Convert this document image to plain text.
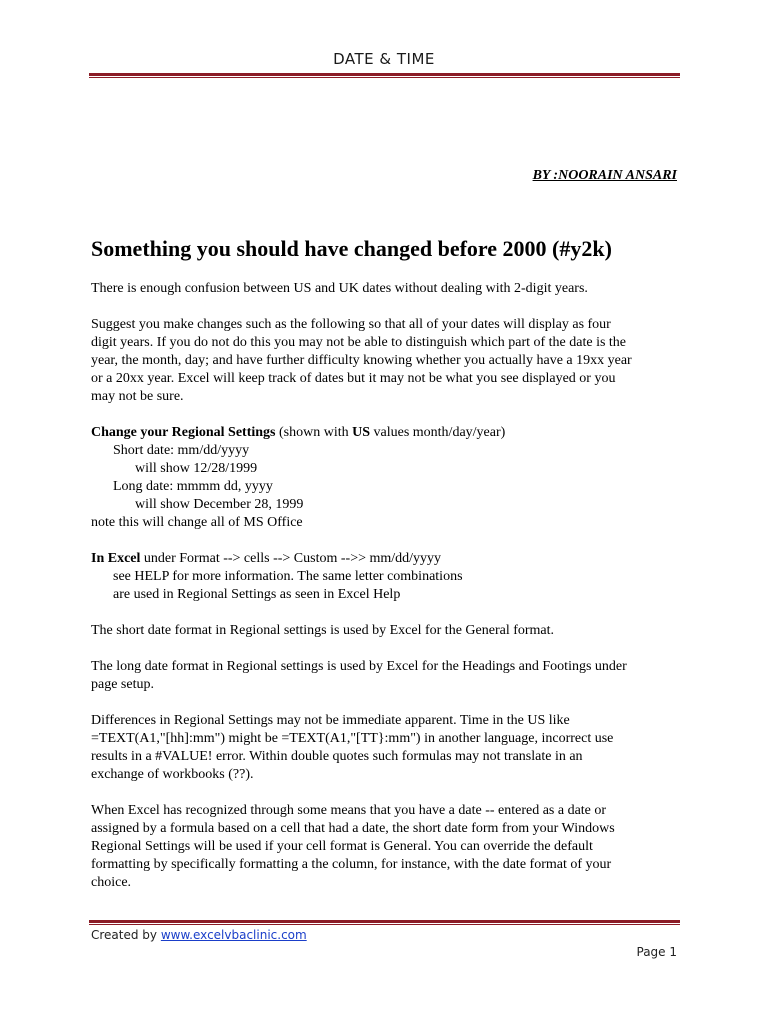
DATE & TIME
BY :NOORAIN ANSARI
Something you should have changed before 2000 (#y2k)

There is enough confusion between US and UK dates without dealing with 2-digit years.

Suggest you make changes such as the following so that all of your dates will display as four
digit years. If you do not do this you may not be able to distinguish which part of the date is the
year, the month, day; and have further difficulty knowing whether you actually have a 19xx year
or a 20xx year. Excel will keep track of dates but it may not be what you see displayed or you
may not be sure.

Change your Regional Settings (shown with US values month/day/year)
Short date: mm/dd/yyyy
will show 12/28/1999
Long date: mmmm dd, yyyy
will show December 28, 1999
note this will change all of MS Office

In Excel under Format --> cells --> Custom -->> mm/dd/yyyy
see HELP for more information. The same letter combinations
are used in Regional Settings as seen in Excel Help

The short date format in Regional settings is used by Excel for the General format.

The long date format in Regional settings is used by Excel for the Headings and Footings under
page setup.

Differences in Regional Settings may not be immediate apparent. Time in the US like
=TEXT(A1,"[hh]:mm") might be =TEXT(A1,"[TT}:mm") in another language, incorrect use
results in a #VALUE! error. Within double quotes such formulas may not translate in an
exchange of workbooks (??).

When Excel has recognized through some means that you have a date -- entered as a date or
assigned by a formula based on a cell that had a date, the short date form from your Windows
Regional Settings will be used if your cell format is General. You can override the default
formatting by specifically formatting a the column, for instance, with the date format of your
choice.

Created by www.excelvbaclinic.com
Page 1
